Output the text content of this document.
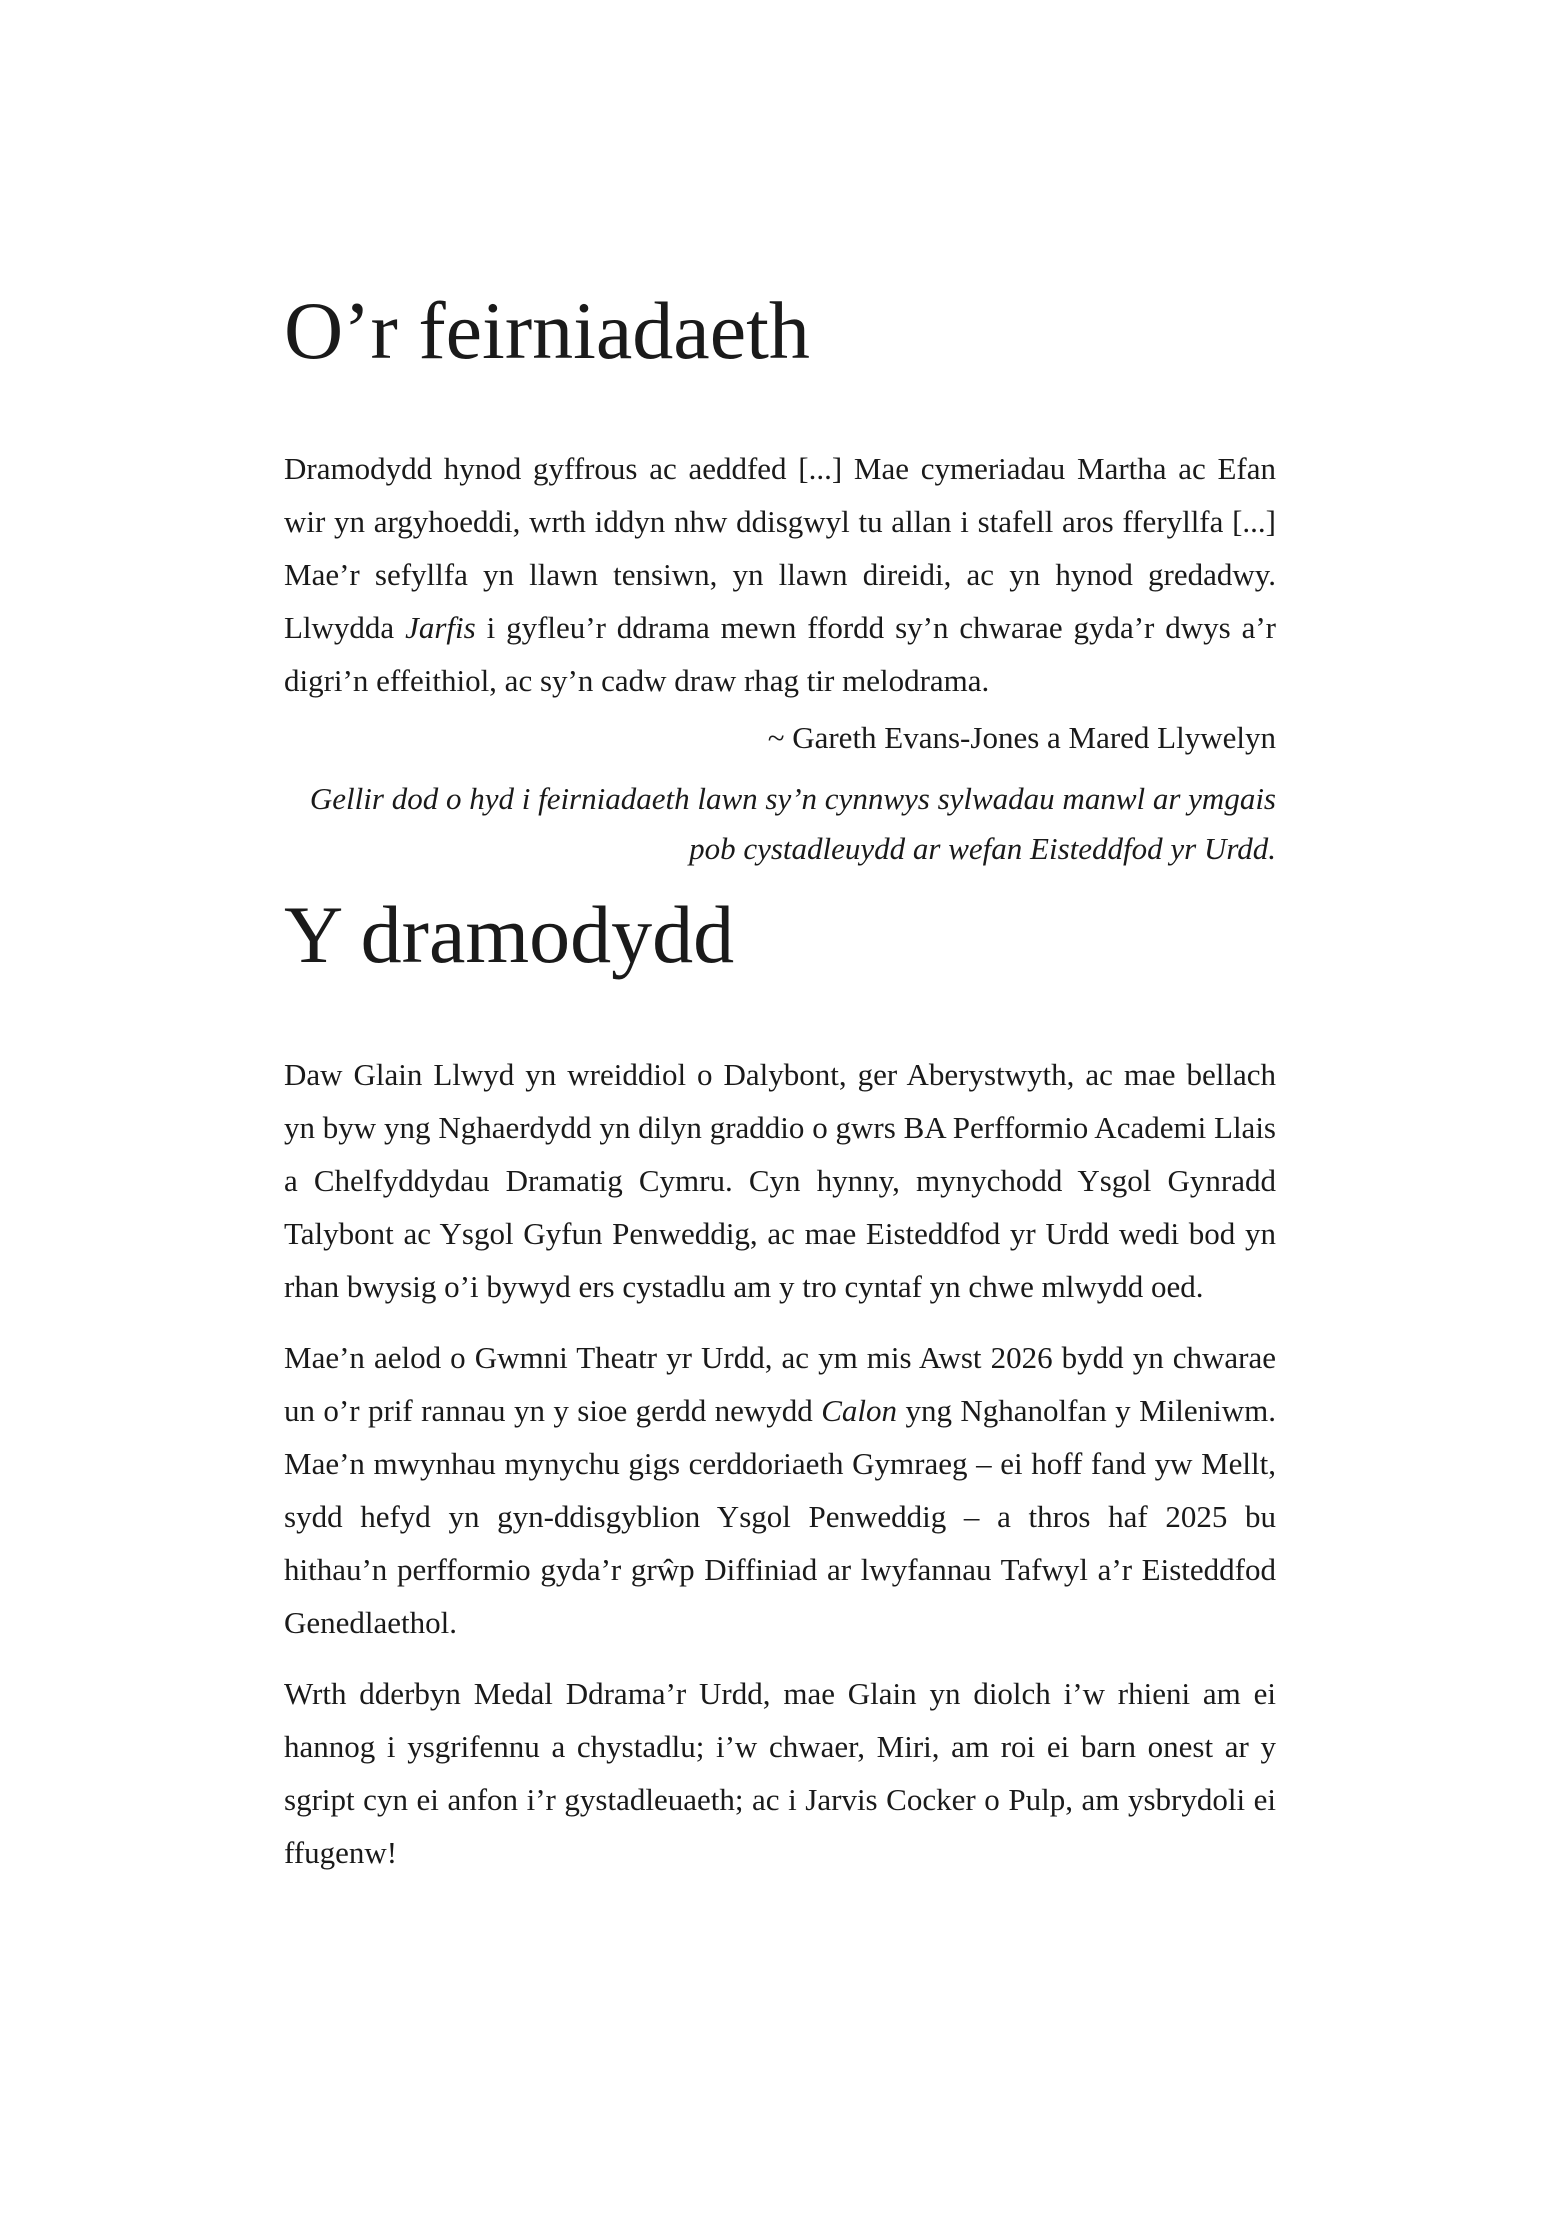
O’r feirniadaeth

Dramodydd hynod gyffrous ac aeddfed [...] Mae cymeriadau Martha ac Efan wir yn argyhoeddi, wrth iddyn nhw ddisgwyl tu allan i stafell aros fferyllfa [...] Mae’r sefyllfa yn llawn tensiwn, yn llawn direidi, ac yn hynod gredadwy. Llwydda Jarfis i gyfleu’r ddrama mewn ffordd sy’n chwarae gyda’r dwys a’r digri’n effeithiol, ac sy’n cadw draw rhag tir melodrama.

~ Gareth Evans-Jones a Mared Llywelyn

Gellir dod o hyd i feirniadaeth lawn sy’n cynnwys sylwadau manwl ar ymgais pob cystadleuydd ar wefan Eisteddfod yr Urdd.

Y dramodydd

Daw Glain Llwyd yn wreiddiol o Dalybont, ger Aberystwyth, ac mae bellach yn byw yng Nghaerdydd yn dilyn graddio o gwrs BA Perfformio Academi Llais a Chelfyddydau Dramatig Cymru. Cyn hynny, mynychodd Ysgol Gynradd Talybont ac Ysgol Gyfun Penweddig, ac mae Eisteddfod yr Urdd wedi bod yn rhan bwysig o’i bywyd ers cystadlu am y tro cyntaf yn chwe mlwydd oed.

Mae’n aelod o Gwmni Theatr yr Urdd, ac ym mis Awst 2026 bydd yn chwarae un o’r prif rannau yn y sioe gerdd newydd Calon yng Nghanolfan y Mileniwm. Mae’n mwynhau mynychu gigs cerddoriaeth Gymraeg – ei hoff fand yw Mellt, sydd hefyd yn gyn-ddisgyblion Ysgol Penweddig – a thros haf 2025 bu hithau’n perfformio gyda’r grŵp Diffiniad ar lwyfannau Tafwyl a’r Eisteddfod Genedlaethol.

Wrth dderbyn Medal Ddrama’r Urdd, mae Glain yn diolch i’w rhieni am ei hannog i ysgrifennu a chystadlu; i’w chwaer, Miri, am roi ei barn onest ar y sgript cyn ei anfon i’r gystadleuaeth; ac i Jarvis Cocker o Pulp, am ysbrydoli ei ffugenw!
